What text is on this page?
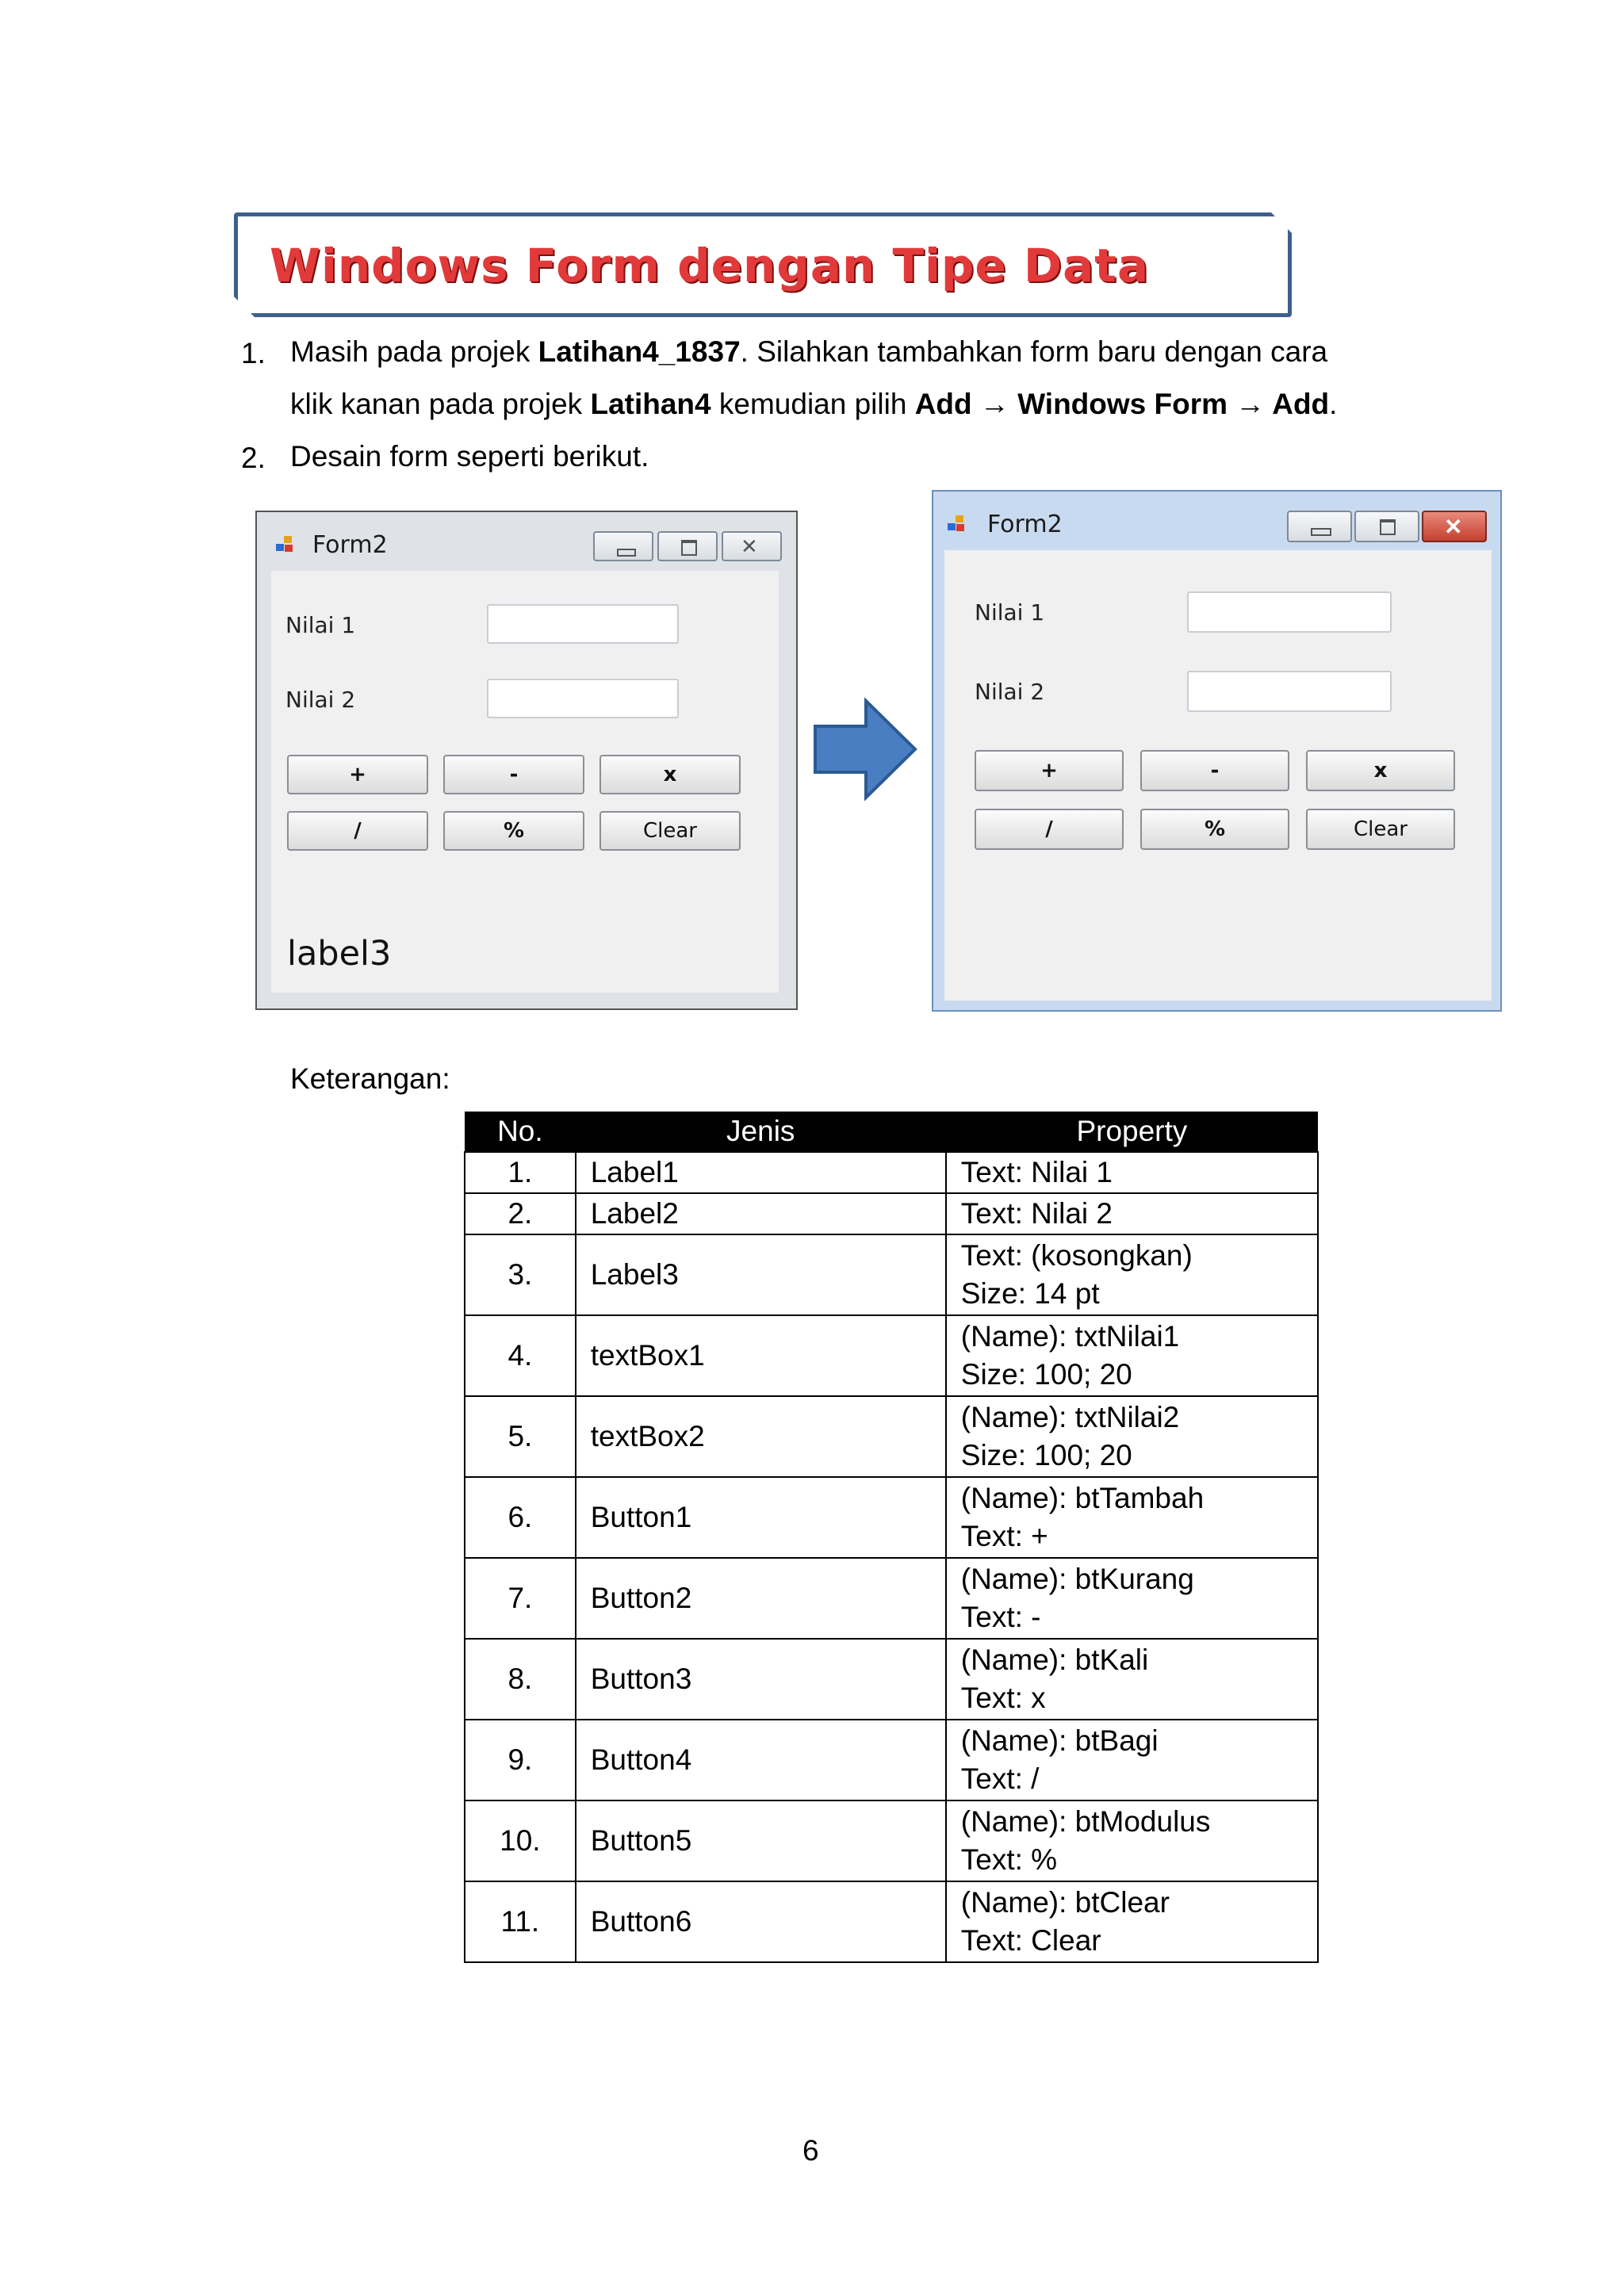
Windows Form dengan Tipe Data
1. Masih pada projek Latihan4_1837. Silahkan tambahkan form baru dengan cara
klik kanan pada projek Latihan4 kemudian pilih Add → Windows Form → Add.
2. Desain form seperti berikut.
Form2	✕
Nilai 1
Nilai 2
+	-	x
/	%	Clear
label3
Form2	✕
Nilai 1
Nilai 2
+	-	x
/	%	Clear
Keterangan:
No.	Jenis	Property
1.	Label1	Text: Nilai 1

2.	Label2	Text: Nilai 2

3.	Label3	Text: (kosongkan)
Size: 14 pt

4.	textBox1	(Name): txtNilai1
Size: 100; 20

5.	textBox2	(Name): txtNilai2
Size: 100; 20

6.	Button1	(Name): btTambah
Text: +

7.	Button2	(Name): btKurang
Text: -

8.	Button3	(Name): btKali
Text: x

9.	Button4	(Name): btBagi
Text: /

10.	Button5	(Name): btModulus
Text: %

11.	Button6	(Name): btClear
Text: Clear
6
